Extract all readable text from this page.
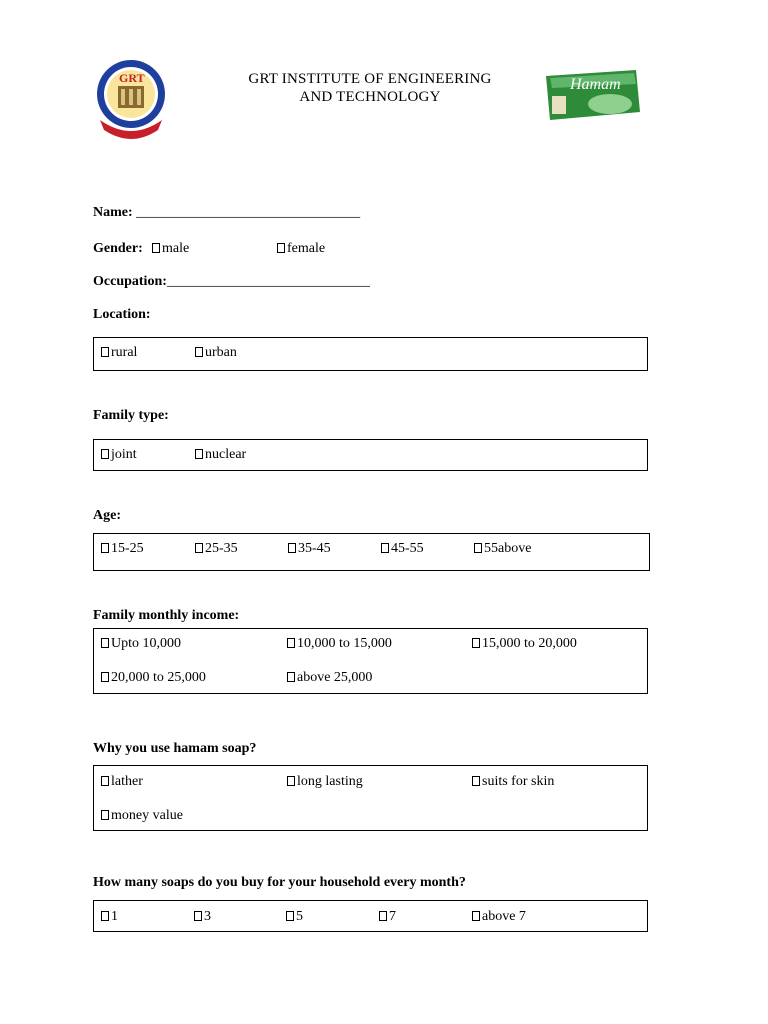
GRT	GRT INSTITUTE OF ENGINEERING
AND TECHNOLOGY
Hamam
Name: ________________________________
Gender:	male	female
Occupation:_____________________________
Location:
rural	urban
Family type:
joint	nuclear
Age:
15-25	25-35	35-45	45-55	55above
Family monthly income:
Upto 10,000	10,000 to 15,000	15,000 to 20,000
20,000 to 25,000	above 25,000
Why you use hamam soap?
lather	long lasting	suits for skin
money value
How many soaps do you buy for your household every month?
1	3	5	7	above 7
